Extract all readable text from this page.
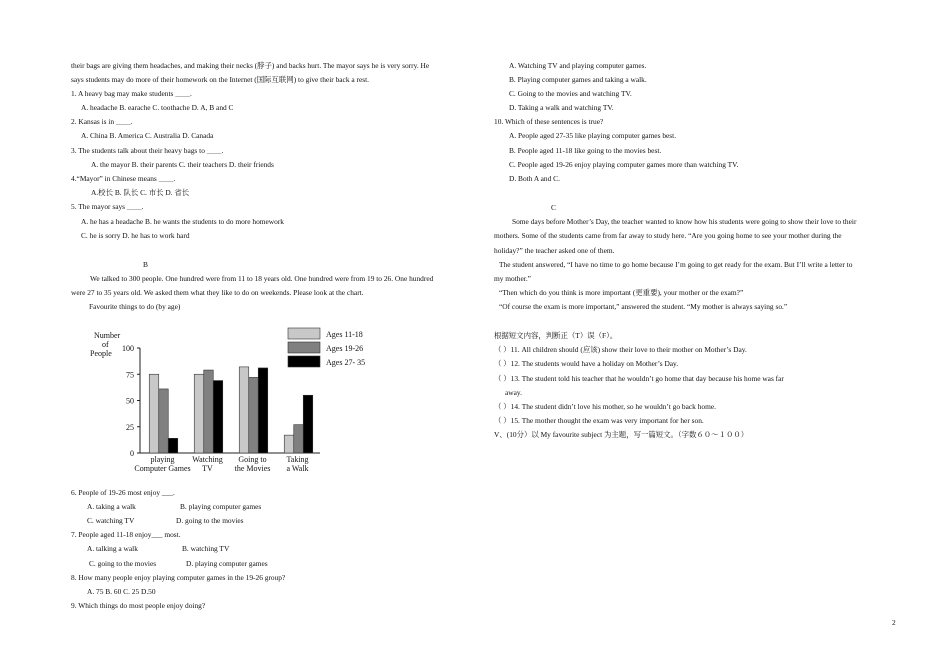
their bags are giving them headaches, and making their necks (脖子) and backs hurt. The mayor says he is very sorry. He
says students may do more of their homework on the Internet (国际互联网) to give their back a rest.
1. A heavy bag may make students ＿＿.
A. headache B. earache C. toothache D. A, B and C
2. Kansas is in ＿＿.
A. China B. America C. Australia D. Canada
3. The students talk about their heavy bags to ＿＿.
A. the mayor B. their parents C. their teachers D. their friends
4.“Mayor” in Chinese means ＿＿.
A.校长 B. 队长 C. 市长 D. 省长
5. The mayor says ＿＿.
A. he has a headache B. he wants the students to do more homework
C. he is sorry D. he has to work hard
B
We talked to 300 people. One hundred were from 11 to 18 years old. One hundred were from 19 to 26. One hundred
were 27 to 35 years old. We asked them what they like to do on weekends. Please look at the chart.
Favourite things to do (by age)
Number
of
People
0
25
50
75
100
playing
Computer Games
Watching
TV
Going to
the Movies
Taking
a Walk
Ages 11-18
Ages 19-26
Ages 27- 35
6. People of 19-26 most enjoy ___.
A. taking a walk	B. playing computer games
C. watching TV	D. going to the movies
7. People aged 11-18 enjoy___ most.
A. talking a walk	B. watching TV
C. going to the movies	D. playing computer games
8. How many people enjoy playing computer games in the 19-26 group?
A. 75 B. 60 C. 25 D.50
9. Which things do most people enjoy doing?
A. Watching TV and playing computer games.
B. Playing computer games and taking a walk.
C. Going to the movies and watching TV.
D. Taking a walk and watching TV.
10. Which of these sentences is true?
A. People aged 27-35 like playing computer games best.
B. People aged 11-18 like going to the movies best.
C. People aged 19-26 enjoy playing computer games more than watching TV.
D. Both A and C.
C
Some days before Mother’s Day, the teacher wanted to know how his students were going to show their love to their
mothers. Some of the students came from far away to study here. “Are you going home to see your mother during the
holiday?” the teacher asked one of them.
The student answered, “I have no time to go home because I’m going to get ready for the exam. But I’ll write a letter to
my mother.”
“Then which do you think is more important (更重要), your mother or the exam?”
“Of course the exam is more important,” answered the student. “My mother is always saying so.”
根据短文内容，判断正（T）误（F）。
（ ）11. All children should (应该) show their love to their mother on Mother’s Day.
（ ）12. The students would have a holiday on Mother’s Day.
（ ）13. The student told his teacher that he wouldn’t go home that day because his home was far
away.
（ ）14. The student didn’t love his mother, so he wouldn’t go back home.
（ ）15. The mother thought the exam was very important for her son.
V、(10分）以 My favourite subject 为主题，写一篇短文。（字数６０～１００）
2
